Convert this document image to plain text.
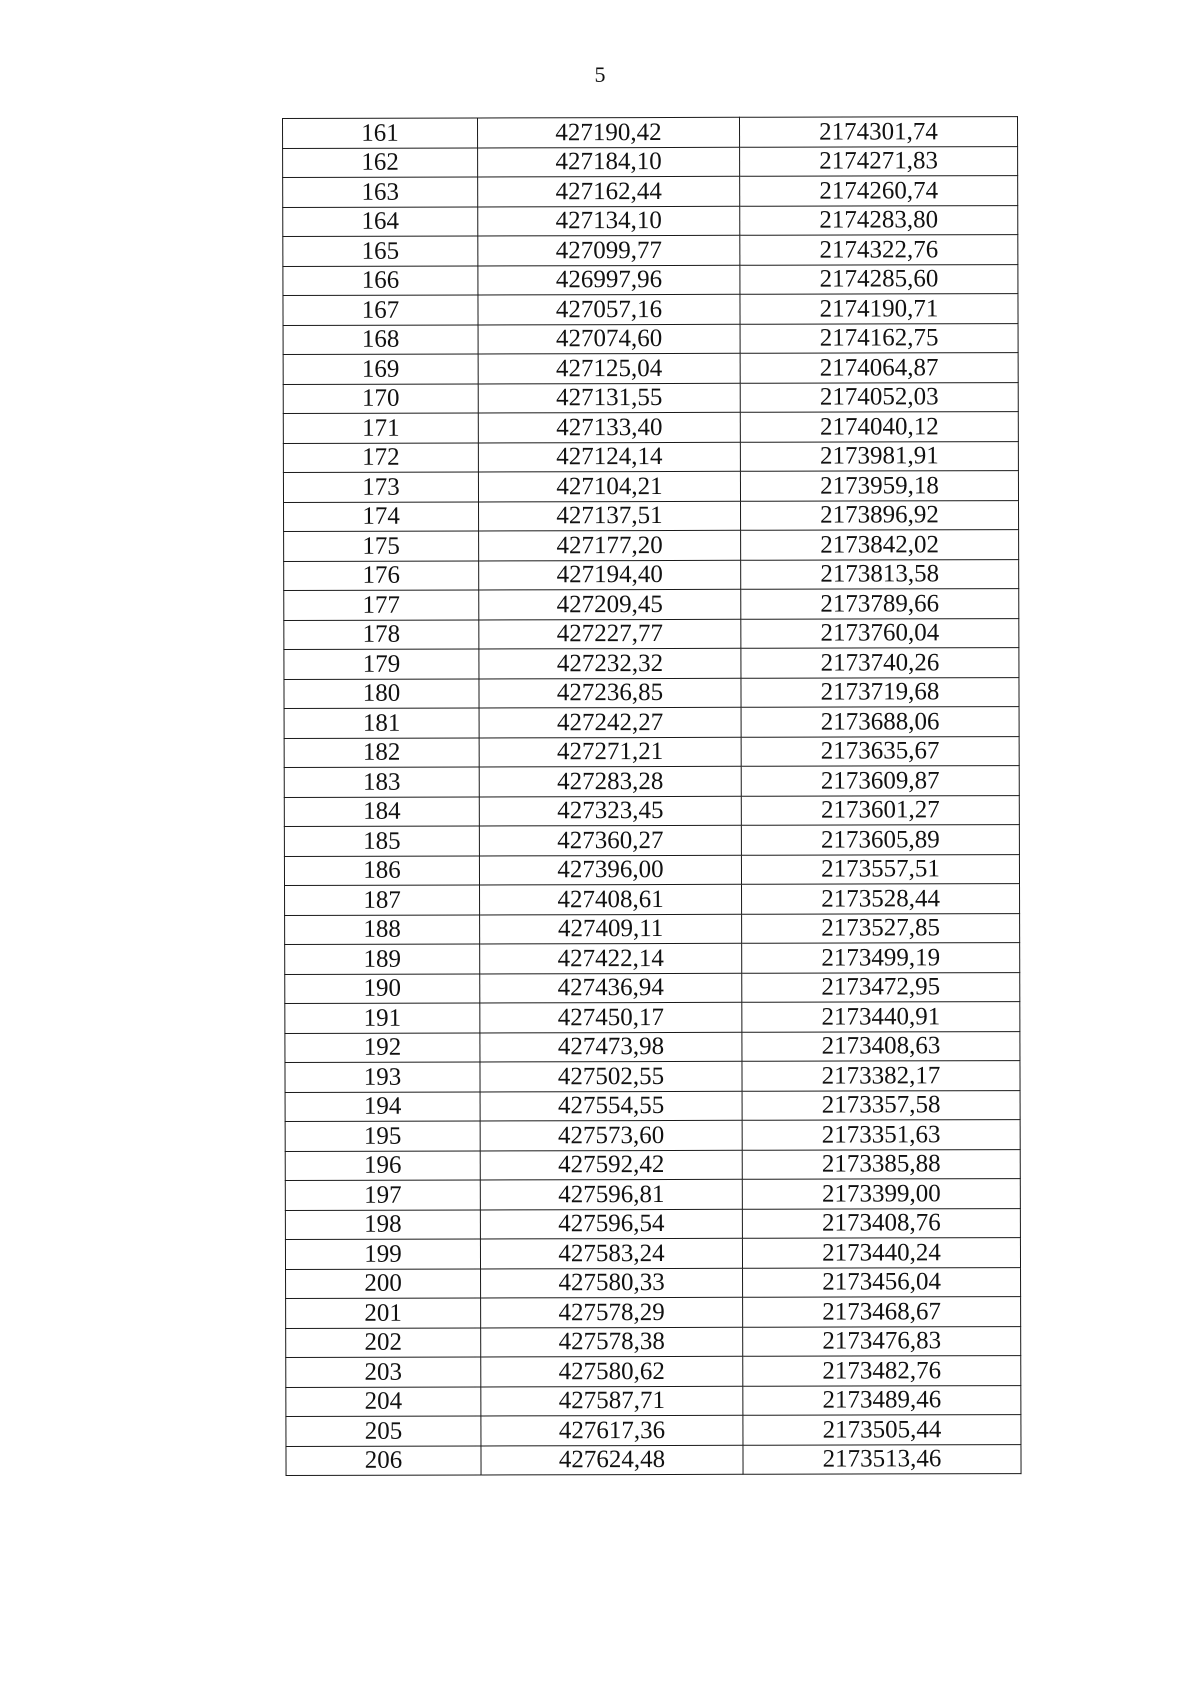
5
161	427190,42	2174301,74
162	427184,10	2174271,83
163	427162,44	2174260,74
164	427134,10	2174283,80
165	427099,77	2174322,76
166	426997,96	2174285,60
167	427057,16	2174190,71
168	427074,60	2174162,75
169	427125,04	2174064,87
170	427131,55	2174052,03
171	427133,40	2174040,12
172	427124,14	2173981,91
173	427104,21	2173959,18
174	427137,51	2173896,92
175	427177,20	2173842,02
176	427194,40	2173813,58
177	427209,45	2173789,66
178	427227,77	2173760,04
179	427232,32	2173740,26
180	427236,85	2173719,68
181	427242,27	2173688,06
182	427271,21	2173635,67
183	427283,28	2173609,87
184	427323,45	2173601,27
185	427360,27	2173605,89
186	427396,00	2173557,51
187	427408,61	2173528,44
188	427409,11	2173527,85
189	427422,14	2173499,19
190	427436,94	2173472,95
191	427450,17	2173440,91
192	427473,98	2173408,63
193	427502,55	2173382,17
194	427554,55	2173357,58
195	427573,60	2173351,63
196	427592,42	2173385,88
197	427596,81	2173399,00
198	427596,54	2173408,76
199	427583,24	2173440,24
200	427580,33	2173456,04
201	427578,29	2173468,67
202	427578,38	2173476,83
203	427580,62	2173482,76
204	427587,71	2173489,46
205	427617,36	2173505,44
206	427624,48	2173513,46
